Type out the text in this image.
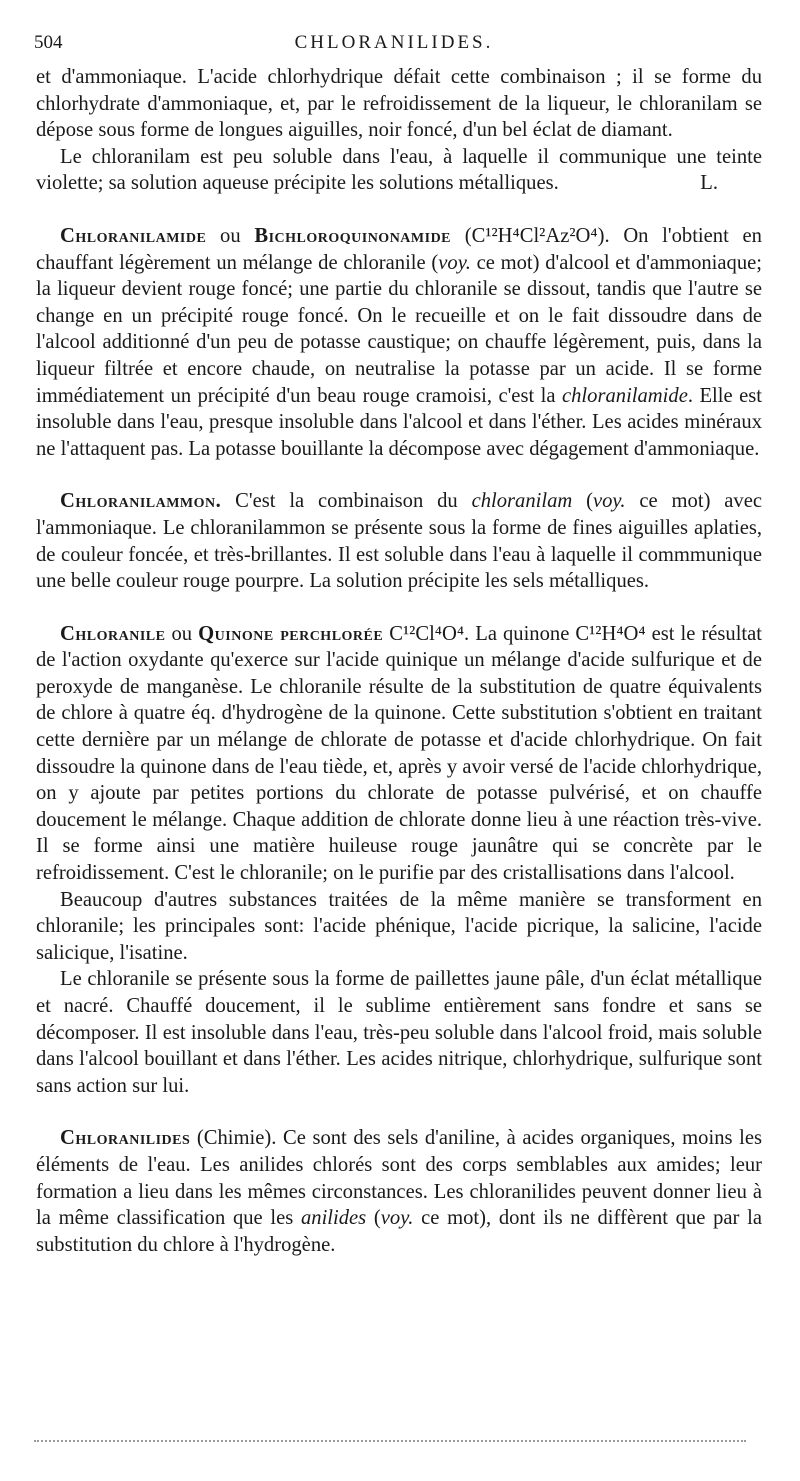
504	CHLORANILIDES.

et d'ammoniaque. L'acide chlorhydrique défait cette combinaison ; il se forme du chlorhydrate d'ammoniaque, et, par le refroidissement de la liqueur, le chloranilam se dépose sous forme de longues aiguilles, noir foncé, d'un bel éclat de diamant.

Le chloranilam est peu soluble dans l'eau, à laquelle il communique une teinte violette; sa solution aqueuse précipite les solutions métalliques.	L.

Chloranilamide ou Bichloroquinonamide (C¹²H⁴Cl²Az²O⁴). On l'obtient en chauffant légèrement un mélange de chloranile (voy. ce mot) d'alcool et d'ammoniaque; la liqueur devient rouge foncé; une partie du chloranile se dissout, tandis que l'autre se change en un précipité rouge foncé. On le recueille et on le fait dissoudre dans de l'alcool additionné d'un peu de potasse caustique; on chauffe légèrement, puis, dans la liqueur filtrée et encore chaude, on neutralise la potasse par un acide. Il se forme immédiatement un précipité d'un beau rouge cramoisi, c'est la chloranilamide. Elle est insoluble dans l'eau, presque insoluble dans l'alcool et dans l'éther. Les acides minéraux ne l'attaquent pas. La potasse bouillante la décompose avec dégagement d'ammoniaque.

Chloranilammon. C'est la combinaison du chloranilam (voy. ce mot) avec l'ammoniaque. Le chloranilammon se présente sous la forme de fines aiguilles aplaties, de couleur foncée, et très-brillantes. Il est soluble dans l'eau à laquelle il commmunique une belle couleur rouge pourpre. La solution précipite les sels métalliques.

Chloranile ou Quinone perchlorée C¹²Cl⁴O⁴. La quinone C¹²H⁴O⁴ est le résultat de l'action oxydante qu'exerce sur l'acide quinique un mélange d'acide sulfurique et de peroxyde de manganèse. Le chloranile résulte de la substitution de quatre équivalents de chlore à quatre éq. d'hydrogène de la quinone. Cette substitution s'obtient en traitant cette dernière par un mélange de chlorate de potasse et d'acide chlorhydrique. On fait dissoudre la quinone dans de l'eau tiède, et, après y avoir versé de l'acide chlorhydrique, on y ajoute par petites portions du chlorate de potasse pulvérisé, et on chauffe doucement le mélange. Chaque addition de chlorate donne lieu à une réaction très-vive. Il se forme ainsi une matière huileuse rouge jaunâtre qui se concrète par le refroidissement. C'est le chloranile; on le purifie par des cristallisations dans l'alcool.

Beaucoup d'autres substances traitées de la même manière se transforment en chloranile; les principales sont: l'acide phénique, l'acide picrique, la salicine, l'acide salicique, l'isatine.

Le chloranile se présente sous la forme de paillettes jaune pâle, d'un éclat métallique et nacré. Chauffé doucement, il le sublime entièrement sans fondre et sans se décomposer. Il est insoluble dans l'eau, très-peu soluble dans l'alcool froid, mais soluble dans l'alcool bouillant et dans l'éther. Les acides nitrique, chlorhydrique, sulfurique sont sans action sur lui.

Chloranilides (Chimie). Ce sont des sels d'aniline, à acides organiques, moins les éléments de l'eau. Les anilides chlorés sont des corps semblables aux amides; leur formation a lieu dans les mêmes circonstances. Les chloranilides peuvent donner lieu à la même classification que les anilides (voy. ce mot), dont ils ne diffèrent que par la substitution du chlore à l'hydrogène.
